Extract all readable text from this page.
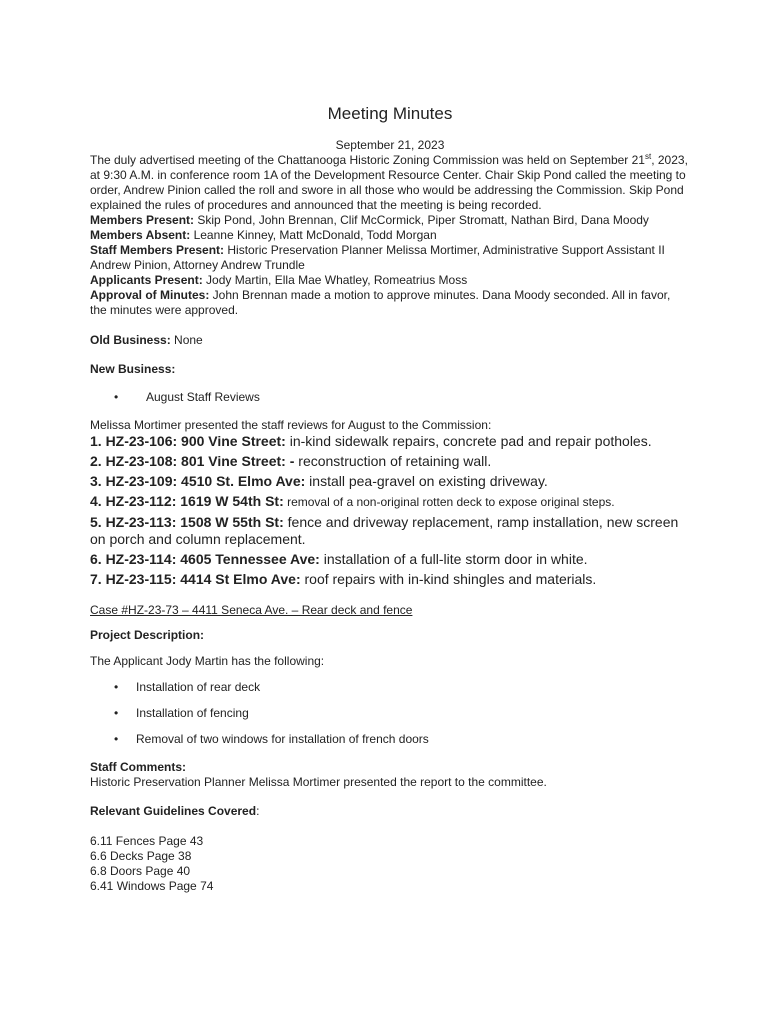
Meeting Minutes

September 21, 2023

The duly advertised meeting of the Chattanooga Historic Zoning Commission was held on September 21st, 2023, at 9:30 A.M. in conference room 1A of the Development Resource Center. Chair Skip Pond called the meeting to order, Andrew Pinion called the roll and swore in all those who would be addressing the Commission. Skip Pond explained the rules of procedures and announced that the meeting is being recorded.

Members Present: Skip Pond, John Brennan, Clif McCormick, Piper Stromatt, Nathan Bird, Dana Moody

Members Absent: Leanne Kinney, Matt McDonald, Todd Morgan

Staff Members Present: Historic Preservation Planner Melissa Mortimer, Administrative Support Assistant II Andrew Pinion, Attorney Andrew Trundle

Applicants Present: Jody Martin, Ella Mae Whatley, Romeatrius Moss

Approval of Minutes: John Brennan made a motion to approve minutes. Dana Moody seconded. All in favor, the minutes were approved.

Old Business: None

New Business:

• August Staff Reviews

Melissa Mortimer presented the staff reviews for August to the Commission:

1. HZ-23-106: 900 Vine Street: in-kind sidewalk repairs, concrete pad and repair potholes.

2. HZ-23-108: 801 Vine Street: - reconstruction of retaining wall.

3. HZ-23-109: 4510 St. Elmo Ave: install pea-gravel on existing driveway.

4. HZ-23-112: 1619 W 54th St: removal of a non-original rotten deck to expose original steps.

5. HZ-23-113: 1508 W 55th St: fence and driveway replacement, ramp installation, new screen on porch and column replacement.

6. HZ-23-114: 4605 Tennessee Ave: installation of a full-lite storm door in white.

7. HZ-23-115: 4414 St Elmo Ave: roof repairs with in-kind shingles and materials.

Case #HZ-23-73 – 4411 Seneca Ave. – Rear deck and fence

Project Description:

The Applicant Jody Martin has the following:

• Installation of rear deck
• Installation of fencing
• Removal of two windows for installation of french doors

Staff Comments:

Historic Preservation Planner Melissa Mortimer presented the report to the committee.

Relevant Guidelines Covered:

6.11 Fences Page 43

6.6 Decks Page 38

6.8 Doors Page 40

6.41 Windows Page 74
